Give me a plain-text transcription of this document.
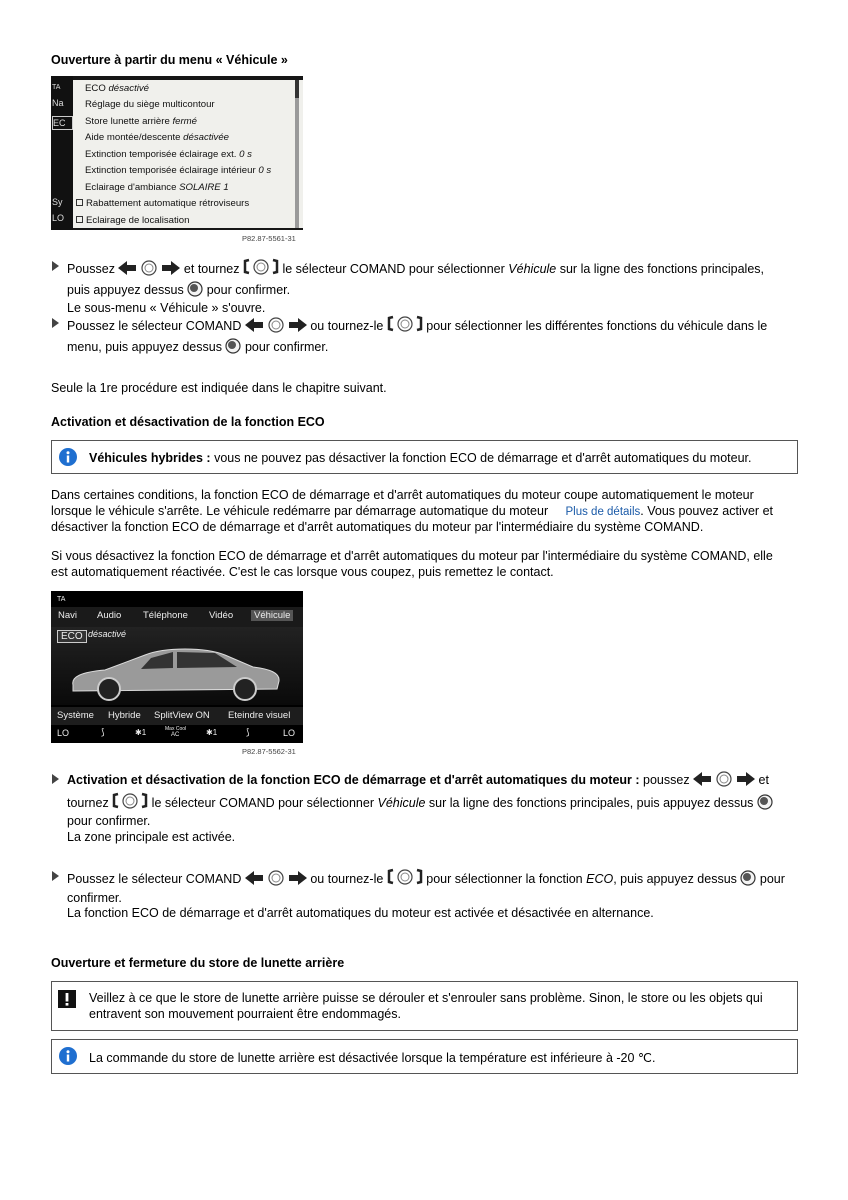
Ouverture à partir du menu « Véhicule »
TA
Na
EC
Sy
LO
ECO désactivé
Réglage du siège multicontour
Store lunette arrière fermé
Aide montée/descente désactivée
Extinction temporisée éclairage ext. 0 s
Extinction temporisée éclairage intérieur 0 s
Eclairage d'ambiance SOLAIRE 1
Rabattement automatique rétroviseurs
Eclairage de localisation
P82.87-5561-31
Poussez	et tournez	le sélecteur COMAND pour sélectionner Véhicule sur la ligne des fonctions principales,
puis appuyez dessus pour confirmer.
Le sous-menu « Véhicule » s'ouvre.
Poussez le sélecteur COMAND	ou tournez-le	pour sélectionner les différentes fonctions du véhicule dans le
menu, puis appuyez dessus pour confirmer.
Seule la 1re procédure est indiquée dans le chapitre suivant.
Activation et désactivation de la fonction ECO
Véhicules hybrides : vous ne pouvez pas désactiver la fonction ECO de démarrage et d'arrêt automatiques du moteur.
Dans certaines conditions, la fonction ECO de démarrage et d'arrêt automatiques du moteur coupe automatiquement le moteur
lorsque le véhicule s'arrête. Le véhicule redémarre par démarrage automatique du moteur Plus de détails. Vous pouvez activer et
désactiver la fonction ECO de démarrage et d'arrêt automatiques du moteur par l'intermédiaire du système COMAND.
Si vous désactivez la fonction ECO de démarrage et d'arrêt automatiques du moteur par l'intermédiaire du système COMAND, elle
est automatiquement réactivée. C'est le cas lorsque vous coupez, puis remettez le contact.
TA
Navi Audio Téléphone Vidéo	Véhicule
ECO désactivé
Système Hybride SplitView ON Eteindre visuel
LO	⟆	✱1	Max Cool
AC	✱1	⟆	LO
P82.87-5562-31
Activation et désactivation de la fonction ECO de démarrage et d'arrêt automatiques du moteur : poussez	et
tournez	le sélecteur COMAND pour sélectionner Véhicule sur la ligne des fonctions principales, puis appuyez dessus
pour confirmer.
La zone principale est activée.
Poussez le sélecteur COMAND	ou tournez-le	pour sélectionner la fonction ECO, puis appuyez dessus pour
confirmer.
La fonction ECO de démarrage et d'arrêt automatiques du moteur est activée et désactivée en alternance.
Ouverture et fermeture du store de lunette arrière
Veillez à ce que le store de lunette arrière puisse se dérouler et s'enrouler sans problème. Sinon, le store ou les objets qui
entravent son mouvement pourraient être endommagés.
La commande du store de lunette arrière est désactivée lorsque la température est inférieure à -20 ℃.
